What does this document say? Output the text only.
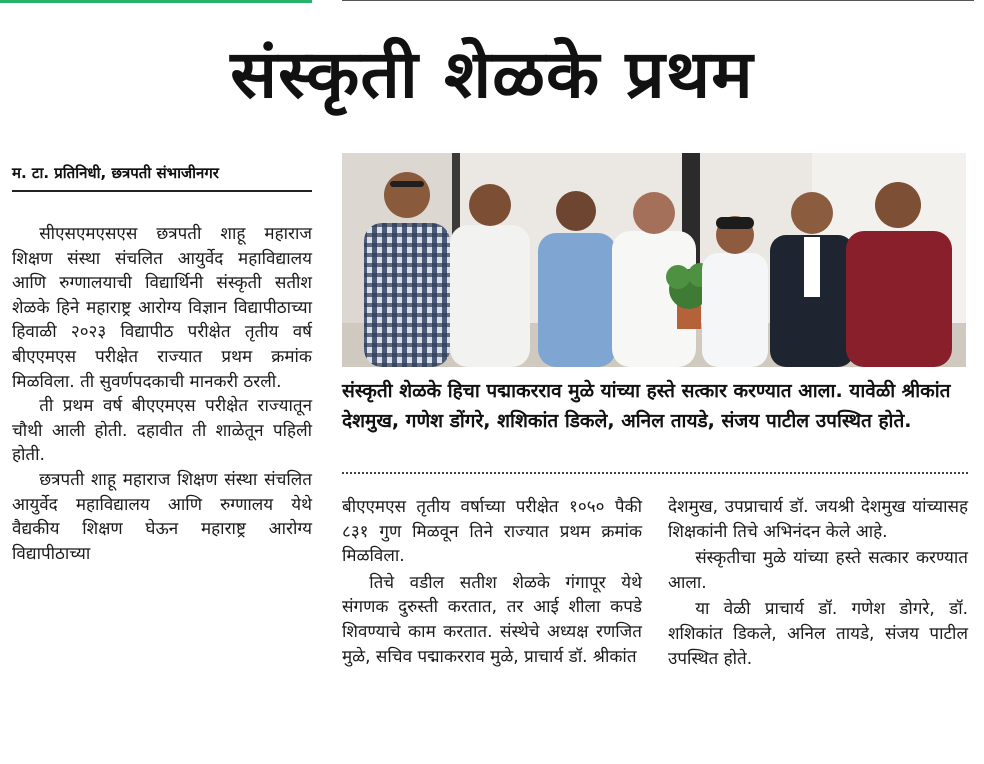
संस्कृती शेळके प्रथम
म. टा. प्रतिनिधी, छत्रपती संभाजीनगर

सीएसएमएसएस छत्रपती शाहू महाराज शिक्षण संस्था संचलित आयुर्वेद महाविद्यालय आणि रुग्णालयाची विद्यार्थिनी संस्कृती सतीश शेळके हिने महाराष्ट्र आरोग्य विज्ञान विद्यापीठाच्या हिवाळी २०२३ विद्यापीठ परीक्षेत तृतीय वर्ष बीएएमएस परीक्षेत राज्यात प्रथम क्रमांक मिळविला. ती सुवर्णपदकाची मानकरी ठरली.

ती प्रथम वर्ष बीएएमएस परीक्षेत राज्यातून चौथी आली होती. दहावीत ती शाळेतून पहिली होती.

छत्रपती शाहू महाराज शिक्षण संस्था संचलित आयुर्वेद महाविद्यालय आणि रुग्णालय येथे वैद्यकीय शिक्षण घेऊन महाराष्ट्र आरोग्य विद्यापीठाच्या

संस्कृती शेळके हिचा पद्माकरराव मुळे यांच्या हस्ते सत्कार करण्यात आला. यावेळी श्रीकांत देशमुख, गणेश डोंगरे, शशिकांत डिकले, अनिल तायडे, संजय पाटील उपस्थित होते.

बीएएमएस तृतीय वर्षाच्या परीक्षेत १०५० पैकी ८३१ गुण मिळवून तिने राज्यात प्रथम क्रमांक मिळविला.

तिचे वडील सतीश शेळके गंगापूर येथे संगणक दुरुस्ती करतात, तर आई शीला कपडे शिवण्याचे काम करतात. संस्थेचे अध्यक्ष रणजित मुळे, सचिव पद्माकरराव मुळे, प्राचार्य डॉ. श्रीकांत

देशमुख, उपप्राचार्य डॉ. जयश्री देशमुख यांच्यासह शिक्षकांनी तिचे अभिनंदन केले आहे.

संस्कृतीचा मुळे यांच्या हस्ते सत्कार करण्यात आला.

या वेळी प्राचार्य डॉ. गणेश डोगरे, डॉ. शशिकांत डिकले, अनिल तायडे, संजय पाटील उपस्थित होते.
